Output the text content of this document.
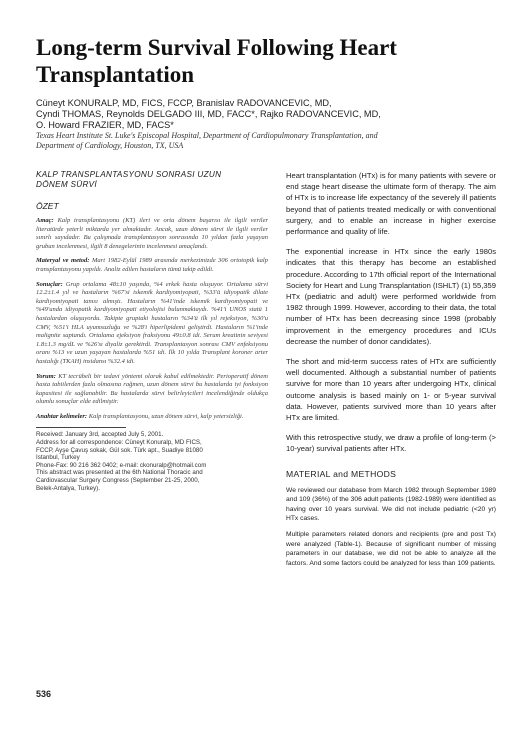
Long-term Survival Following Heart
Transplantation
Cüneyt KONURALP, MD, FICS, FCCP, Branislav RADOVANCEVIC, MD,
Cyndi THOMAS, Reynolds DELGADO III, MD, FACC*, Rajko RADOVANCEVIC, MD,
O. Howard FRAZIER, MD, FACS*
Texas Heart Institute St. Luke's Episcopal Hospital, Department of Cardiopulmonary Transplantation, and
Department of Cardiology, Houston, TX, USA
KALP TRANSPLANTASYONU SONRASI UZUN
DÖNEM SÜRVİ
ÖZET

Amaç: Kalp transplantasyonu (KT) ileri ve orta dönem başarısı ile ilgili veriler literatürde yeterli miktarda yer almaktadır. Ancak, uzun dönem sürvi ile ilgili veriler sınırlı sayıdadır. Bu çalışmada transplantasyon sonrasında 10 yıldan fazla yaşayan grubun incelenmesi, ilgili 8 denegelerinin incelenmesi amaçlandı.

Materyal ve metod: Mart 1982-Eylül 1989 arasında merkezimizde 306 ortotopik kalp transplantasyonu yapıldı. Analiz edilen hastaların tümü takip edildi.

Sonuçlar: Grup ortalama 48±10 yaşında, %4 erkek hasta oluşuyor. Ortalama sürvi 12.2±1.4 yıl ve hastaların %67'si iskemik kardiyomiyopati, %33'ü idiyopatik dilate kardiyomiyopati tanısı almıştı. Hastaların %41'inde iskemik kardiyomiyopati ve %49'unda idiyopatik kardiyomiyopati etiyolojisi bulunmaktaydı. %41'i UNOS statü 1 hastalardan oluşuyordu. Takipte gruptaki hastaların %34'ü ilk yıl rejeksiyon, %30'u CMV, %51'i HLA uyumsuzluğu ve %28'i hiperlipidemi geliştirdi. Hastaların %1'inde malignite saptandı. Ortalama ejeksiyon fraksiyonu 49±0.8 idi. Serum kreatinin seviyesi 1.8±1.3 mg/dL ve %26'sı diyaliz gerektirdi. Transplantasyon sonrası CMV enfeksiyonu oranı %13 ve uzun yaşayan hastalarda %51 idi. İlk 10 yılda Transplant koroner arter hastalığı (TKAH) insidansı %32.4 idi.

Yorum: KT tecrübeli bir tedavi yöntemi olarak kabul edilmektedir. Perioperatif dönem hasta tabiilerden fazla olmasına rağmen, uzun dönem sürvi bu hastalarda iyi fonksiyon kapasitesi ile sağlanabilir. Bu hastalarda sürvi belirleyicileri incelendiğinde oldukça olumlu sonuçlar elde edilmiştir.

Anahtar kelimeler: Kalp transplantasyonu, uzun dönem sürvi, kalp yetersizliği.

Received: January 3rd, accepted July 5, 2001.
Address for all correspondence: Cüneyt Konuralp, MD FICS,
FCCP, Ayşe Çavuş sokak, Gül sok. Türk apt., Suadiye 81080
Istanbul, Turkey
Phone-Fax: 90 216 362 0402; e-mail: ckonuralp@hotmail.com
This abstract was presented at the 6th National Thoracic and
Cardiovascular Surgery Congress (September 21-25, 2000,
Belek-Antalya, Turkey).

Heart transplantation (HTx) is for many patients with severe or end stage heart disease the ultimate form of therapy. The aim of HTx is to increase life expectancy of the severely ill patients beyond that of patients treated medically or with conventional surgery, and to enable an increase in higher exercise performance and quality of life.

The exponential increase in HTx since the early 1980s indicates that this therapy has become an established procedure. According to 17th official report of the International Society for Heart and Lung Transplantation (ISHLT) (1) 55,359 HTx (pediatric and adult) were performed worldwide from 1982 through 1999. However, according to their data, the total number of HTx has been decreasing since 1998 (probably improvement in the emergency procedures and ICUs decrease the number of donor candidates).

The short and mid-term success rates of HTx are sufficiently well documented. Although a substantial number of patients survive for more than 10 years after undergoing HTx, clinical outcome analysis is based mainly on 1- or 5-year survival data. However, patients survived more than 10 years after HTx are limited.

With this retrospective study, we draw a profile of long-term (> 10-year) survival patients after HTx.

MATERIAL and METHODS

We reviewed our database from March 1982 through September 1989 and 109 (36%) of the 306 adult patients (1982-1989) were identified as having over 10 years survival. We did not include pediatric (<20 yr) HTx cases.

Multiple parameters related donors and recipients (pre and post Tx) were analyzed (Table-1). Because of significant number of missing parameters in our database, we did not be able to analyze all the factors. And some factors could be analyzed for less than 109 patients.

536
